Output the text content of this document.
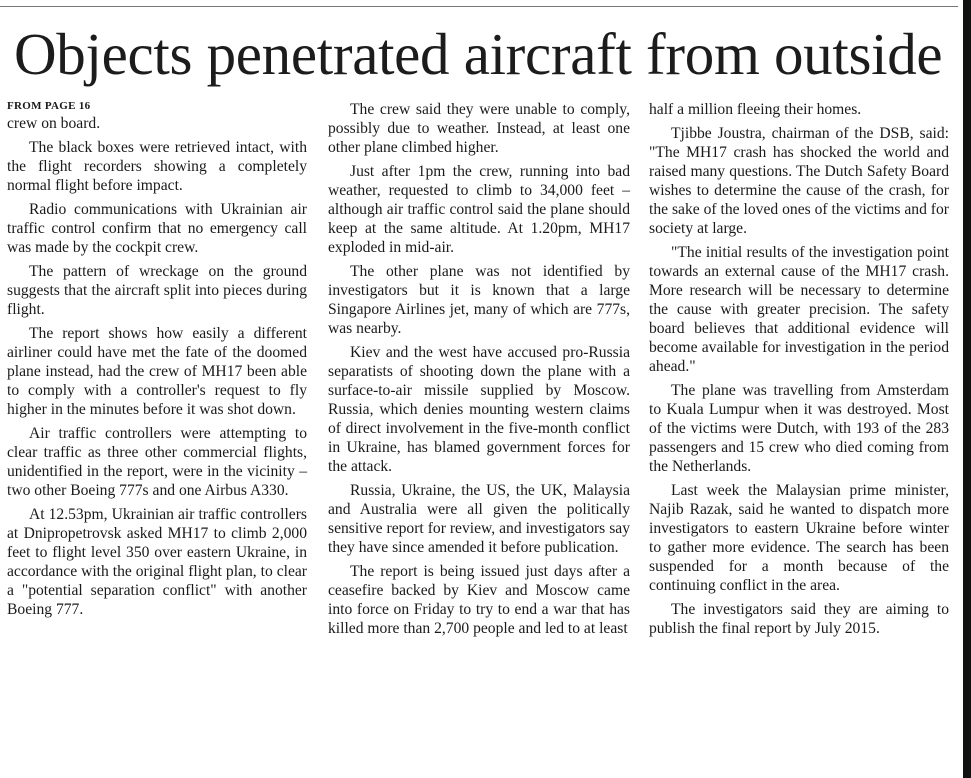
Objects penetrated aircraft from outside
FROM PAGE 16

crew on board.

The black boxes were retrieved intact, with the flight recorders showing a completely normal flight before impact.

Radio communications with Ukrainian air traffic control confirm that no emergency call was made by the cockpit crew.

The pattern of wreckage on the ground suggests that the aircraft split into pieces during flight.

The report shows how easily a different airliner could have met the fate of the doomed plane instead, had the crew of MH17 been able to comply with a controller's request to fly higher in the minutes before it was shot down.

Air traffic controllers were attempting to clear traffic as three other commercial flights, unidentified in the report, were in the vicinity – two other Boeing 777s and one Airbus A330.

At 12.53pm, Ukrainian air traffic controllers at Dnipropetrovsk asked MH17 to climb 2,000 feet to flight level 350 over eastern Ukraine, in accordance with the original flight plan, to clear a "potential separation conflict" with another Boeing 777.

The crew said they were unable to comply, possibly due to weather. Instead, at least one other plane climbed higher.

Just after 1pm the crew, running into bad weather, requested to climb to 34,000 feet – although air traffic control said the plane should keep at the same altitude. At 1.20pm, MH17 exploded in mid-air.

The other plane was not identified by investigators but it is known that a large Singapore Airlines jet, many of which are 777s, was nearby.

Kiev and the west have accused pro-Russia separatists of shooting down the plane with a surface-to-air missile supplied by Moscow. Russia, which denies mounting western claims of direct involvement in the five-month conflict in Ukraine, has blamed government forces for the attack.

Russia, Ukraine, the US, the UK, Malaysia and Australia were all given the politically sensitive report for review, and investigators say they have since amended it before publication.

The report is being issued just days after a ceasefire backed by Kiev and Moscow came into force on Friday to try to end a war that has killed more than 2,700 people and led to at least

half a million fleeing their homes.

Tjibbe Joustra, chairman of the DSB, said: "The MH17 crash has shocked the world and raised many questions. The Dutch Safety Board wishes to determine the cause of the crash, for the sake of the loved ones of the victims and for society at large.

"The initial results of the investigation point towards an external cause of the MH17 crash. More research will be necessary to determine the cause with greater precision. The safety board believes that additional evidence will become available for investigation in the period ahead."

The plane was travelling from Amsterdam to Kuala Lumpur when it was destroyed. Most of the victims were Dutch, with 193 of the 283 passengers and 15 crew who died coming from the Netherlands.

Last week the Malaysian prime minister, Najib Razak, said he wanted to dispatch more investigators to eastern Ukraine before winter to gather more evidence. The search has been suspended for a month because of the continuing conflict in the area.

The investigators said they are aiming to publish the final report by July 2015.
